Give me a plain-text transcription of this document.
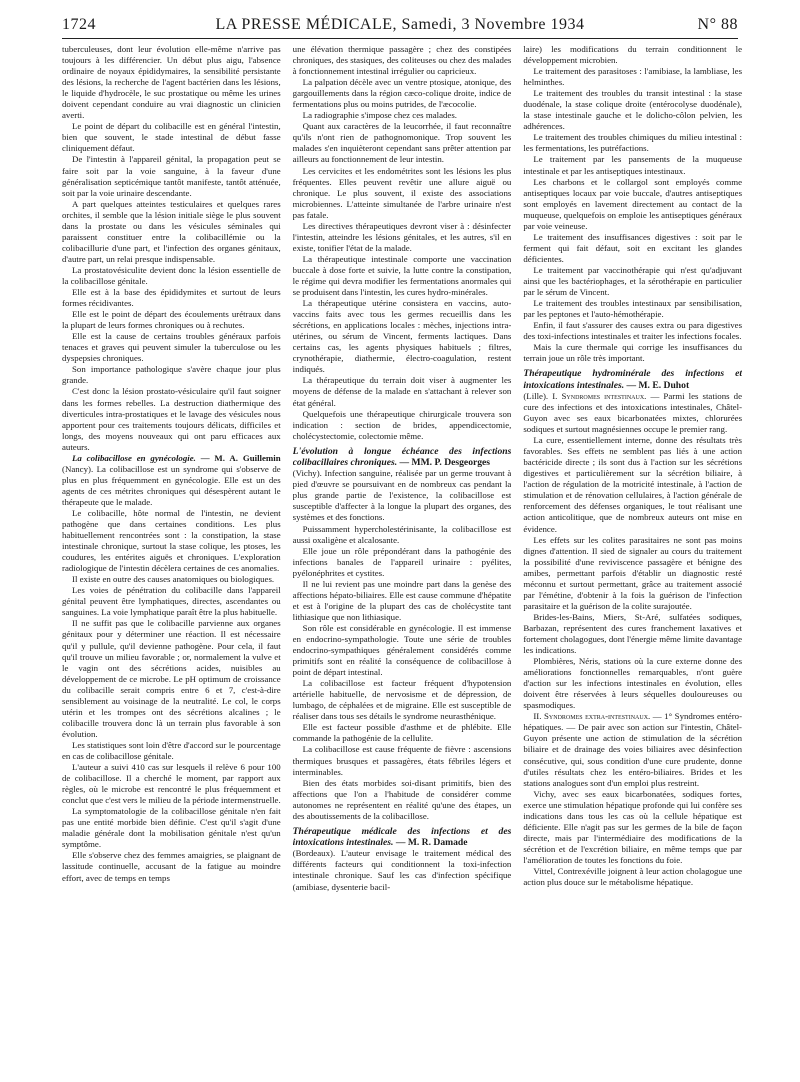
1724	LA PRESSE MÉDICALE, Samedi, 3 Novembre 1934	N° 88

tuberculeuses, dont leur évolution elle-même n'arrive pas toujours à les différencier. Un début plus aigu, l'absence ordinaire de noyaux épididymaires, la sensibilité persistante des lésions, la recherche de l'agent bactérien dans les lésions, le liquide d'hydrocèle, le suc prostatique ou même les urines doivent cependant conduire au vrai diagnostic un clinicien averti.

Le point de départ du colibacille est en général l'intestin, bien que souvent, le stade intestinal de début fasse cliniquement défaut.

De l'intestin à l'appareil génital, la propagation peut se faire soit par la voie sanguine, à la faveur d'une généralisation septicémique tantôt manifeste, tantôt atténuée, soit par la voie urinaire descendante.

A part quelques atteintes testiculaires et quelques rares orchites, il semble que la lésion initiale siège le plus souvent dans la prostate ou dans les vésicules séminales qui paraissent constituer entre la colibacillémie ou la colibacillurie d'une part, et l'infection des organes génitaux, d'autre part, un relai presque indispensable.

La prostatovésiculite devient donc la lésion essentielle de la colibacillose génitale.

Elle est à la base des épididymites et surtout de leurs formes récidivantes.

Elle est le point de départ des écoulements urétraux dans la plupart de leurs formes chroniques ou à rechutes.

Elle est la cause de certains troubles généraux parfois tenaces et graves qui peuvent simuler la tuberculose ou les dyspepsies chroniques.

Son importance pathologique s'avère chaque jour plus grande.

C'est donc la lésion prostato-vésiculaire qu'il faut soigner dans les formes rebelles. La destruction diathermique des diverticules intra-prostatiques et le lavage des vésicules nous apportent pour ces traitements toujours délicats, difficiles et longs, des moyens nouveaux qui ont paru efficaces aux auteurs.

La colibacillose en gynécologie. — M. A. Guillemin (Nancy). La colibacillose est un syndrome qui s'observe de plus en plus fréquemment en gynécologie. Elle est un des agents de ces métrites chroniques qui désespèrent autant le thérapeute que le malade.

Le colibacille, hôte normal de l'intestin, ne devient pathogène que dans certaines conditions. Les plus habituellement rencontrées sont : la constipation, la stase intestinale chronique, surtout la stase colique, les ptoses, les coudures, les entérites aiguës et chroniques. L'exploration radiologique de l'intestin décèlera certaines de ces anomalies.

Il existe en outre des causes anatomiques ou biologiques.

Les voies de pénétration du colibacille dans l'appareil génital peuvent être lymphatiques, directes, ascendantes ou sanguines. La voie lymphatique paraît être la plus habituelle.

Il ne suffit pas que le colibacille parvienne aux organes génitaux pour y déterminer une réaction. Il est nécessaire qu'il y pullule, qu'il devienne pathogène. Pour cela, il faut qu'il trouve un milieu favorable ; or, normalement la vulve et le vagin ont des sécrétions acides, nuisibles au développement de ce microbe. Le pH optimum de croissance du colibacille serait compris entre 6 et 7, c'est-à-dire sensiblement au voisinage de la neutralité. Le col, le corps utérin et les trompes ont des sécrétions alcalines ; le colibacille trouvera donc là un terrain plus favorable à son évolution.

Les statistiques sont loin d'être d'accord sur le pourcentage en cas de colibacillose génitale.

L'auteur a suivi 410 cas sur lesquels il relève 6 pour 100 de colibacillose. Il a cherché le moment, par rapport aux règles, où le microbe est rencontré le plus fréquemment et conclut que c'est vers le milieu de la période intermenstruelle.

La symptomatologie de la colibacillose génitale n'en fait pas une entité morbide bien définie. C'est qu'il s'agit d'une maladie générale dont la mobilisation génitale n'est qu'un symptôme.

Elle s'observe chez des femmes amaigries, se plaignant de lassitude continuelle, accusant de la fatigue au moindre effort, avec de temps en temps

une élévation thermique passagère ; chez des constipées chroniques, des stasiques, des coliteuses ou chez des malades à fonctionnement intestinal irrégulier ou capricieux.

La palpation décèle avec un ventre ptosique, atonique, des gargouillements dans la région cæco-colique droite, indice de fermentations plus ou moins putrides, de l'æcocolie.

La radiographie s'impose chez ces malades.

Quant aux caractères de la leucorrhée, il faut reconnaître qu'ils n'ont rien de pathognomonique. Trop souvent les malades s'en inquièteront cependant sans prêter attention par ailleurs au fonctionnement de leur intestin.

Les cervicites et les endométrites sont les lésions les plus fréquentes. Elles peuvent revêtir une allure aiguë ou chronique. Le plus souvent, il existe des associations microbiennes. L'atteinte simultanée de l'arbre urinaire n'est pas fatale.

Les directives thérapeutiques devront viser à : désinfecter l'intestin, atteindre les lésions génitales, et les autres, s'il en existe, tonifier l'état de la malade.

La thérapeutique intestinale comporte une vaccination buccale à dose forte et suivie, la lutte contre la constipation, le régime qui devra modifier les fermentations anormales qui se produisent dans l'intestin, les cures hydro-minérales.

La thérapeutique utérine consistera en vaccins, auto-vaccins faits avec tous les germes recueillis dans les sécrétions, en applications locales : mèches, injections intra-utérines, ou sérum de Vincent, ferments lactiques. Dans certains cas, les agents physiques habituels ; filtres, crynothérapie, diathermie, électro-coagulation, restent indiqués.

La thérapeutique du terrain doit viser à augmenter les moyens de défense de la malade en s'attachant à relever son état général.

Quelquefois une thérapeutique chirurgicale trouvera son indication : section de brides, appendicectomie, cholécystectomie, colectomie même.

L'évolution à longue échéance des infections colibacillaires chroniques. — MM. P. Desgeorges

(Vichy). Infection sanguine, réalisée par un germe trouvant à pied d'œuvre se poursuivant en de nombreux cas pendant la plus grande partie de l'existence, la colibacillose est susceptible d'affecter à la longue la plupart des organes, des systèmes et des fonctions.

Puissamment hypercholestérinisante, la colibacillose est aussi oxaligène et alcalosante.

Elle joue un rôle prépondérant dans la pathogénie des infections banales de l'appareil urinaire : pyélites, pyélonéphrites et cystites.

Il ne lui revient pas une moindre part dans la genèse des affections hépato-biliaires. Elle est cause commune d'hépatite et est à l'origine de la plupart des cas de cholécystite tant lithiasique que non lithiasique.

Son rôle est considérable en gynécologie. Il est immense en endocrino-sympathologie. Toute une série de troubles endocrino-sympathiques généralement considérés comme primitifs sont en réalité la conséquence de colibacillose à point de départ intestinal.

La colibacillose est facteur fréquent d'hypotension artérielle habituelle, de nervosisme et de dépression, de lumbago, de céphalées et de migraine. Elle est susceptible de réaliser dans tous ses détails le syndrome neurasthénique.

Elle est facteur possible d'asthme et de phlébite. Elle commande la pathogénie de la cellulite.

La colibacillose est cause fréquente de fièvre : ascensions thermiques brusques et passagères, états fébriles légers et interminables.

Bien des états morbides soi-disant primitifs, bien des affections que l'on a l'habitude de considérer comme autonomes ne représentent en réalité qu'une des étapes, un des aboutissements de la colibacillose.

Thérapeutique médicale des infections et des intoxications intestinales. — M. R. Damade

(Bordeaux). L'auteur envisage le traitement médical des différents facteurs qui conditionnent la toxi-infection intestinale chronique. Sauf les cas d'infection spécifique (amibiase, dysenterie bacil-

laire) les modifications du terrain conditionnent le développement microbien.

Le traitement des parasitoses : l'amibiase, la lambliase, les helminthes.

Le traitement des troubles du transit intestinal : la stase duodénale, la stase colique droite (entérocolyse duodénale), la stase intestinale gauche et le dolicho-côlon pelvien, les adhérences.

Le traitement des troubles chimiques du milieu intestinal : les fermentations, les putréfactions.

Le traitement par les pansements de la muqueuse intestinale et par les antiseptiques intestinaux.

Les charbons et le collargol sont employés comme antiseptiques locaux par voie buccale, d'autres antiseptiques sont employés en lavement directement au contact de la muqueuse, quelquefois on emploie les antiseptiques généraux par voie veineuse.

Le traitement des insuffisances digestives : soit par le ferment qui fait défaut, soit en excitant les glandes déficientes.

Le traitement par vaccinothérapie qui n'est qu'adjuvant ainsi que les bactériophages, et la sérothérapie en particulier par le sérum de Vincent.

Le traitement des troubles intestinaux par sensibilisation, par les peptones et l'auto-hémothérapie.

Enfin, il faut s'assurer des causes extra ou para digestives des toxi-infections intestinales et traiter les infections focales.

Mais la cure thermale qui corrige les insuffisances du terrain joue un rôle très important.

Thérapeutique hydrominérale des infections et intoxications intestinales. — M. E. Duhot

(Lille). I. Syndromes intestinaux. — Parmi les stations de cure des infections et des intoxications intestinales, Châtel-Guyon avec ses eaux bicarbonatées mixtes, chlorurées sodiques et surtout magnésiennes occupe le premier rang.

La cure, essentiellement interne, donne des résultats très favorables. Ses effets ne semblent pas liés à une action bactéricide directe ; ils sont dus à l'action sur les sécrétions digestives et particulièrement sur la sécrétion biliaire, à l'action de régulation de la motricité intestinale, à l'action de stimulation et de rénovation cellulaires, à l'action générale de renforcement des défenses organiques, le tout réalisant une action anticolitique, que de nombreux auteurs ont mise en évidence.

Les effets sur les colites parasitaires ne sont pas moins dignes d'attention. Il sied de signaler au cours du traitement la possibilité d'une reviviscence passagère et bénigne des amibes, permettant parfois d'établir un diagnostic resté méconnu et surtout permettant, grâce au traitement associé par l'émétine, d'obtenir à la fois la guérison de l'infection parasitaire et la guérison de la colite surajoutée.

Brides-les-Bains, Miers, St-Aré, sulfatées sodiques, Barbazan, représentent des cures franchement laxatives et fortement cholagogues, dont l'énergie même limite davantage les indications.

Plombières, Néris, stations où la cure externe donne des améliorations fonctionnelles remarquables, n'ont guère d'action sur les infections intestinales en évolution, elles doivent être réservées à leurs séquelles douloureuses ou spasmodiques.

II. Syndromes extra-intestinaux. — 1° Syndromes entéro-hépatiques. — De pair avec son action sur l'intestin, Châtel-Guyon présente une action de stimulation de la sécrétion biliaire et de drainage des voies biliaires avec désinfection consécutive, qui, sous condition d'une cure prudente, donne d'utiles résultats chez les entéro-biliaires. Brides et les stations analogues sont d'un emploi plus restreint.

Vichy, avec ses eaux bicarbonatées, sodiques fortes, exerce une stimulation hépatique profonde qui lui confère ses indications dans tous les cas où la cellule hépatique est déficiente. Elle n'agit pas sur les germes de la bile de façon directe, mais par l'intermédiaire des modifications de la sécrétion et de l'excrétion biliaire, en même temps que par l'amélioration de toutes les fonctions du foie.

Vittel, Contrexéville joignent à leur action cholagogue une action plus douce sur le métabolisme hépatique.
